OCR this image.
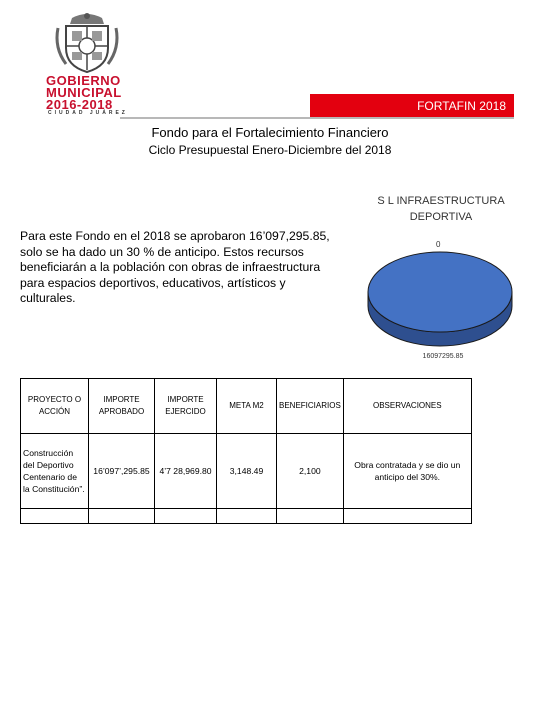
GOBIERNO
MUNICIPAL
2016-2018
CIUDAD JUÁREZ	FORTAFIN 2018
Fondo para el Fortalecimiento Financiero
Ciclo Presupuestal Enero-Diciembre del 2018
Para este Fondo en el 2018 se aprobaron 16’097,295.85, solo se ha dado un 30 % de anticipo. Estos recursos beneficiarán a la población con obras de infraestructura para espacios deportivos, educativos, artísticos y culturales.
S L INFRAESTRUCTURA DEPORTIVA
0
16097295.85
PROYECTO O ACCIÓN	IMPORTE APROBADO	IMPORTE EJERCIDO	META M2	BENEFICIARIOS	OBSERVACIONES
Construcción del Deportivo Centenario de la Constitución”.	16’097’,295.85	4’7 28,969.80	3,148.49	2,100	Obra contratada y se dio un anticipo del 30%.
